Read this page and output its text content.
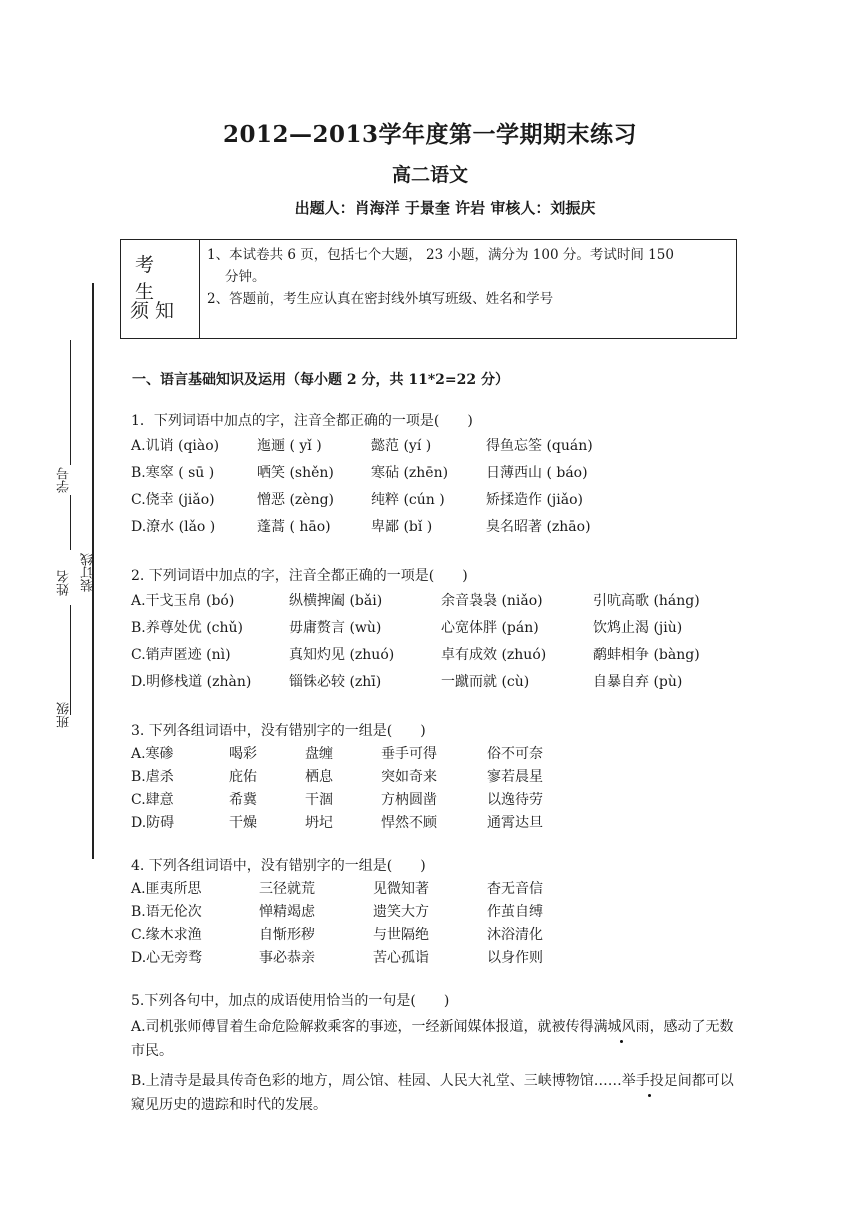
2012—2013学年度第一学期期末练习
高二语文
出题人：肖海洋 于景奎 许岩 审核人：刘振庆
考生
须知
1、本试卷共 6 页，包括七个大题， 23 小题，满分为 100 分。考试时间 150
分钟。
2、答题前，考生应认真在密封线外填写班级、姓名和学号
学号
姓名 装订线
班级
一、语言基础知识及运用（每小题 2 分，共 11*2=22 分）
1．下列词语中加点的字，注音全都正确的一项是(　　)
A.讥诮 (qiào)	迤逦 ( yǐ )	懿范 (yí )	得鱼忘筌 (quán)
B.寒窣 ( sū )	哂笑 (shěn)	寒砧 (zhēn)	日薄西山 ( báo)
C.侥幸 (jiǎo)	憎恶 (zèng)	纯粹 (cún )	矫揉造作 (jiǎo)
D.潦水 (lǎo )	蓬蒿 ( hāo)	卑鄙 (bǐ )	臭名昭著 (zhāo)
2. 下列词语中加点的字，注音全都正确的一项是(　　)
A.干戈玉帛 (bó)	纵横捭阖 (bǎi)	余音袅袅 (niǎo)	引吭高歌 (háng)
B.养尊处优 (chǔ)	毋庸赘言 (wù)	心宽体胖 (pán)	饮鸩止渴 (jiù)
C.销声匿迹 (nì)	真知灼见 (zhuó)	卓有成效 (zhuó)	鹬蚌相争 (bàng)
D.明修栈道 (zhàn)	锱铢必较 (zhī)	一蹴而就 (cù)	自暴自弃 (pù)
3. 下列各组词语中，没有错别字的一组是(　　)
A.寒碜	喝彩	盘缠	垂手可得	俗不可奈
B.虐杀	庇佑	栖息	突如奇来	寥若晨星
C.肆意	希冀	干涸	方枘圆凿	以逸待劳
D.防碍	干燥	坍圮	悍然不顾	通霄达旦
4. 下列各组词语中，没有错别字的一组是(　　)
A.匪夷所思	三径就荒	见微知著	杳无音信
B.语无伦次	惮精竭虑	遗笑大方	作茧自缚
C.缘木求渔	自惭形秽	与世隔绝	沐浴清化
D.心无旁骛	事必恭亲	苦心孤诣	以身作则
5.下列各句中，加点的成语使用恰当的一句是(　　)
A.司机张师傅冒着生命危险解救乘客的事迹，一经新闻媒体报道，就被传得满城风雨，感动了无数市民。
B.上清寺是最具传奇色彩的地方，周公馆、桂园、人民大礼堂、三峡博物馆……举手投足间都可以窥见历史的遗踪和时代的发展。
